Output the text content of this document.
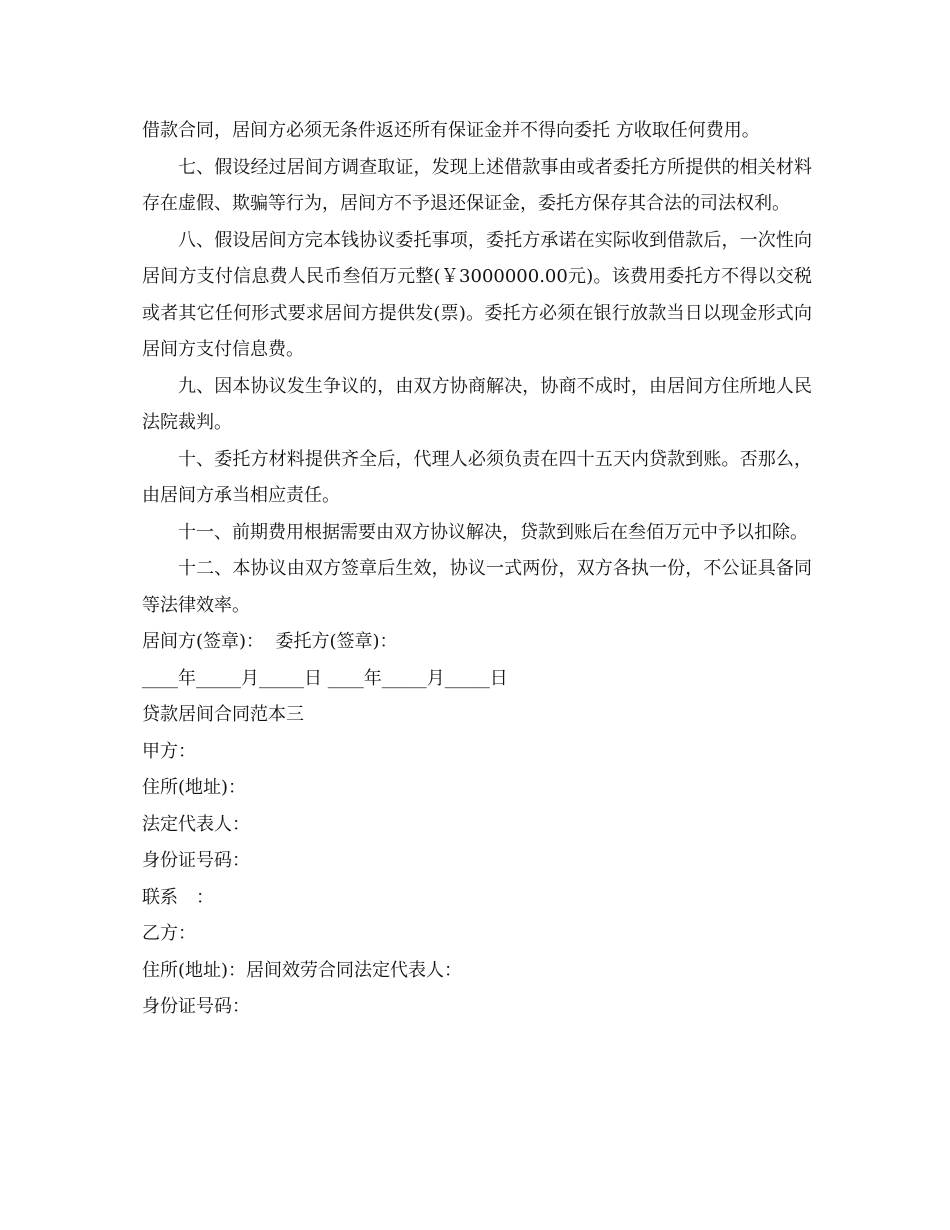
借款合同，居间方必须无条件返还所有保证金并不得向委托 方收取任何费用。

七、假设经过居间方调查取证，发现上述借款事由或者委托方所提供的相关材料存在虚假、欺骗等行为，居间方不予退还保证金，委托方保存其合法的司法权利。

八、假设居间方完本钱协议委托事项，委托方承诺在实际收到借款后，一次性向居间方支付信息费人民币叁佰万元整(￥3000000.00元)。该费用委托方不得以交税或者其它任何形式要求居间方提供发(票)。委托方必须在银行放款当日以现金形式向居间方支付信息费。

九、因本协议发生争议的，由双方协商解决，协商不成时，由居间方住所地人民法院裁判。

十、委托方材料提供齐全后，代理人必须负责在四十五天内贷款到账。否那么，由居间方承当相应责任。

十一、前期费用根据需要由双方协议解决，贷款到账后在叁佰万元中予以扣除。

十二、本协议由双方签章后生效，协议一式两份，双方各执一份，不公证具备同等法律效率。

居间方(签章)：  委托方(签章)：

____年_____月_____日 ____年_____月_____日

贷款居间合同范本三

甲方：

住所(地址)：

法定代表人：

身份证号码：

联系　：

乙方：

住所(地址)：居间效劳合同法定代表人：

身份证号码：
